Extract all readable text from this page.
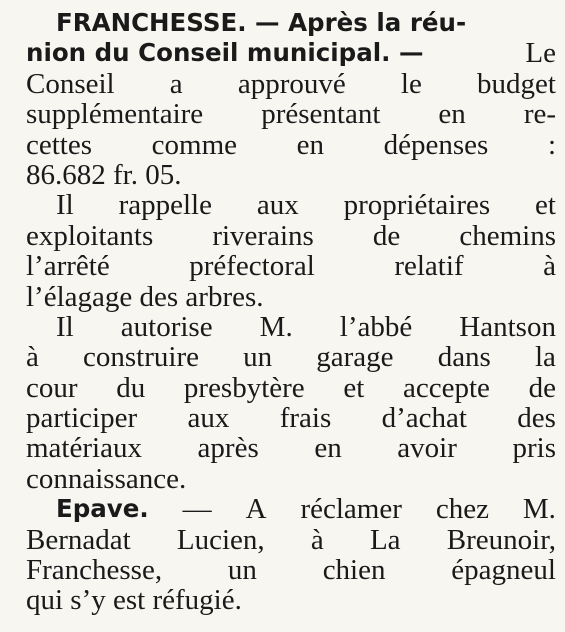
FRANCHESSE. — Après la réu-
nion du Conseil municipal. —	Le
Conseil a approuvé le budget
supplémentaire présentant en re-
cettes comme en dépenses :
86.682 fr. 05.
Il rappelle aux propriétaires et
exploitants riverains de chemins
l’arrêté	préfectoral	relatif	à
l’élagage des arbres.
Il autorise M. l’abbé Hantson
à construire un garage dans la
cour du presbytère et accepte de
participer aux frais d’achat des
matériaux après en avoir pris
connaissance.
Epave. — A réclamer chez M.
Bernadat Lucien, à La Breunoir,
Franchesse, un chien épagneul
qui s’y est réfugié.
